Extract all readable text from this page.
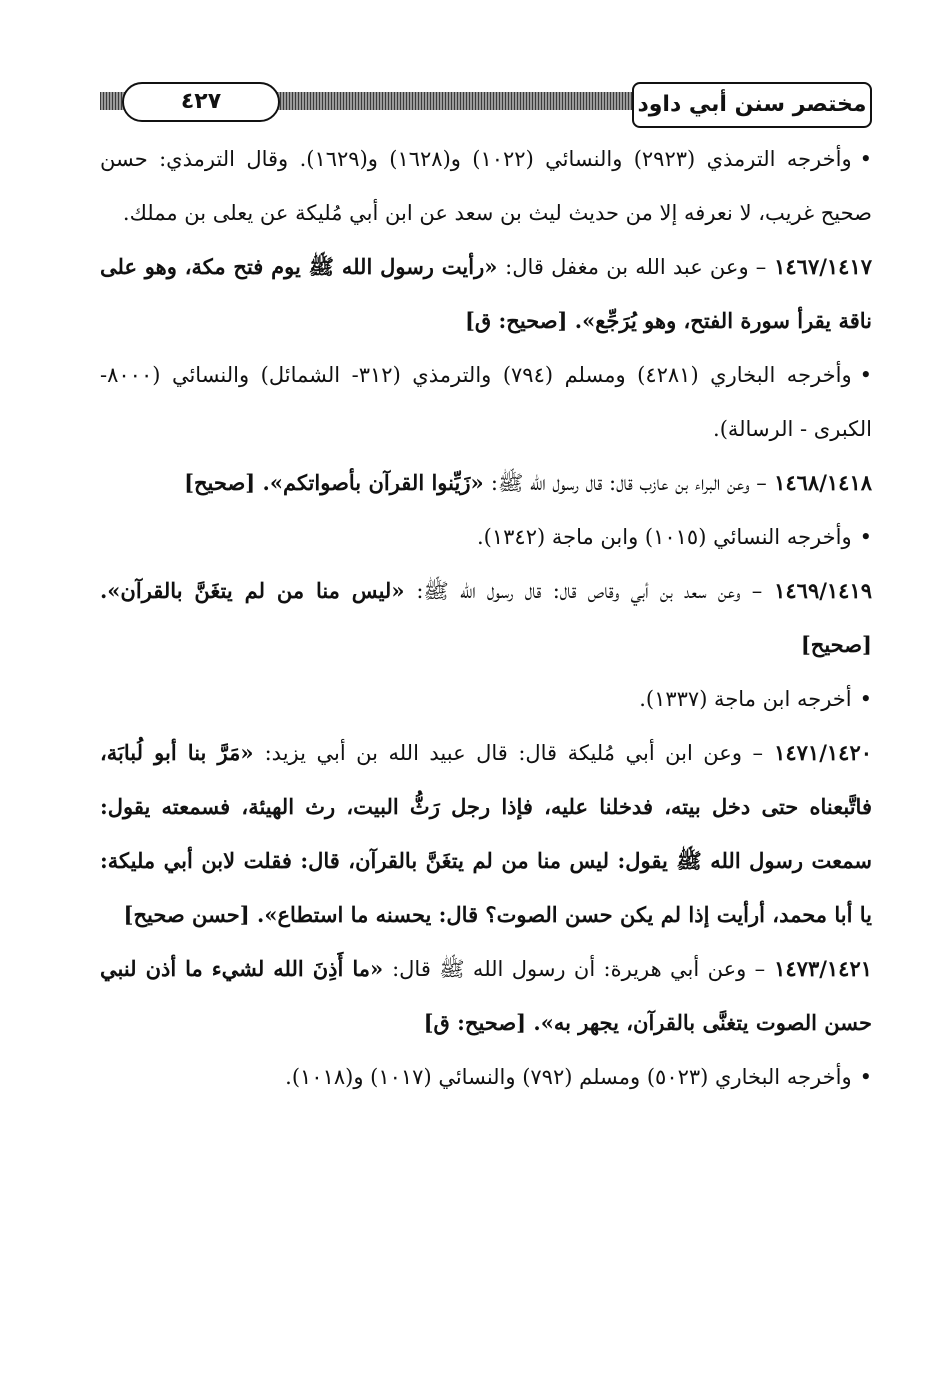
٤٢٧	مختصر سنن أبي داود

•وأخرجه الترمذي (٢٩٢٣) والنسائي (١٠٢٢) و(١٦٢٨) و(١٦٢٩). وقال الترمذي: حسن صحيح غريب، لا نعرفه إلا من حديث ليث بن سعد عن ابن أبي مُليكة عن يعلى بن مملك.

١٤٦٧/١٤١٧ – وعن عبد الله بن مغفل قال: «رأيت رسول الله ﷺ يوم فتح مكة، وهو على ناقة يقرأ سورة الفتح، وهو يُرَجِّع». [صحيح: ق]

•وأخرجه البخاري (٤٢٨١) ومسلم (٧٩٤) والترمذي (٣١٢- الشمائل) والنسائي (٨٠٠٠- الكبرى - الرسالة).

١٤٦٨/١٤١٨ – وعن البراء بن عازب قال: قال رسول الله ﷺ: «زَيِّنوا القرآن بأصواتكم». [صحيح]

•وأخرجه النسائي (١٠١٥) وابن ماجة (١٣٤٢).

١٤٦٩/١٤١٩ – وعن سعد بن أبي وقاص قال: قال رسول الله ﷺ: «ليس منا من لم يتغَنَّ بالقرآن». [صحيح]

•أخرجه ابن ماجة (١٣٣٧).

١٤٧١/١٤٢٠ – وعن ابن أبي مُليكة قال: قال عبيد الله بن أبي يزيد: «مَرَّ بنا أبو لُبابَة، فاتَّبعناه حتى دخل بيته، فدخلنا عليه، فإذا رجل رَثُّ البيت، رث الهيئة، فسمعته يقول: سمعت رسول الله ﷺ يقول: ليس منا من لم يتغَنَّ بالقرآن، قال: فقلت لابن أبي مليكة: يا أبا محمد، أرأيت إذا لم يكن حسن الصوت؟ قال: يحسنه ما استطاع». [حسن صحيح]

١٤٧٣/١٤٢١ – وعن أبي هريرة: أن رسول الله ﷺ قال: «ما أَذِنَ الله لشيء ما أذن لنبي حسن الصوت يتغنَّى بالقرآن، يجهر به». [صحيح: ق]

•وأخرجه البخاري (٥٠٢٣) ومسلم (٧٩٢) والنسائي (١٠١٧) و(١٠١٨).
